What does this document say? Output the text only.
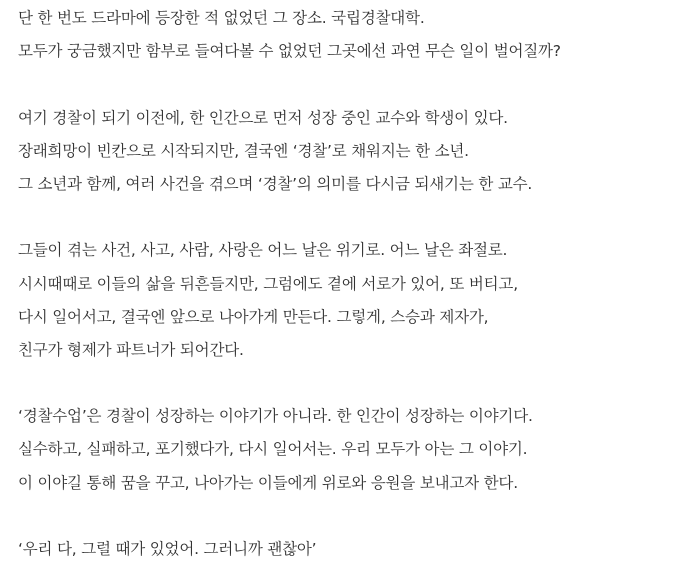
단 한 번도 드라마에 등장한 적 없었던 그 장소. 국립경찰대학.
모두가 궁금했지만 함부로 들여다볼 수 없었던 그곳에선 과연 무슨 일이 벌어질까?
여기 경찰이 되기 이전에, 한 인간으로 먼저 성장 중인 교수와 학생이 있다.
장래희망이 빈칸으로 시작되지만, 결국엔 ‘경찰’로 채워지는 한 소년.
그 소년과 함께, 여러 사건을 겪으며 ‘경찰’의 의미를 다시금 되새기는 한 교수.
그들이 겪는 사건, 사고, 사람, 사랑은 어느 날은 위기로. 어느 날은 좌절로.
시시때때로 이들의 삶을 뒤흔들지만, 그럼에도 곁에 서로가 있어, 또 버티고,
다시 일어서고, 결국엔 앞으로 나아가게 만든다. 그렇게, 스승과 제자가,
친구가 형제가 파트너가 되어간다.
‘경찰수업’은 경찰이 성장하는 이야기가 아니라. 한 인간이 성장하는 이야기다.
실수하고, 실패하고, 포기했다가, 다시 일어서는. 우리 모두가 아는 그 이야기.
이 이야길 통해 꿈을 꾸고, 나아가는 이들에게 위로와 응원을 보내고자 한다.
‘우리 다, 그럴 때가 있었어. 그러니까 괜찮아’
